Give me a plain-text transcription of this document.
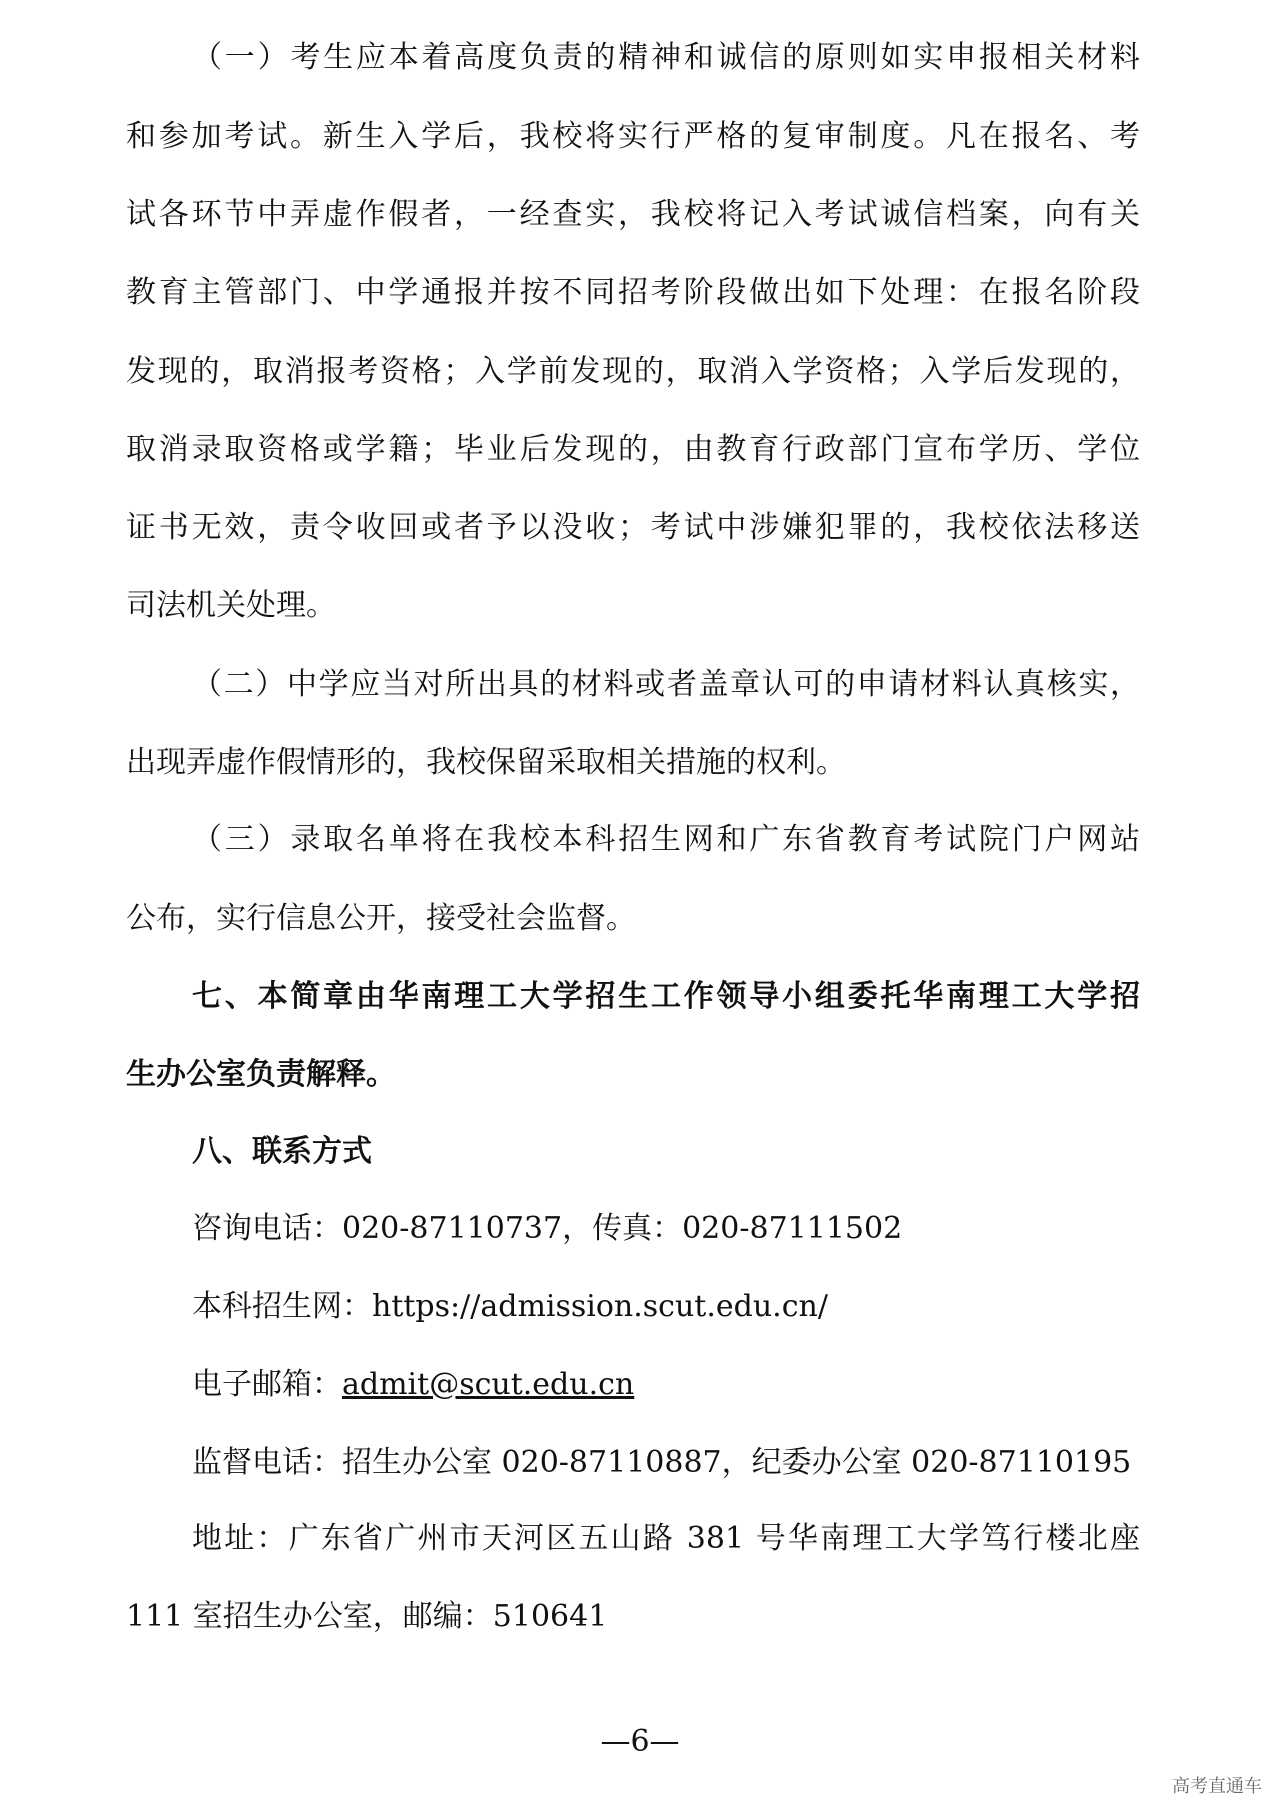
（一）考生应本着高度负责的精神和诚信的原则如实申报相关材料
和参加考试。新生入学后，我校将实行严格的复审制度。凡在报名、考
试各环节中弄虚作假者，一经查实，我校将记入考试诚信档案，向有关
教育主管部门、中学通报并按不同招考阶段做出如下处理：在报名阶段
发现的，取消报考资格；入学前发现的，取消入学资格；入学后发现的，
取消录取资格或学籍；毕业后发现的，由教育行政部门宣布学历、学位
证书无效，责令收回或者予以没收；考试中涉嫌犯罪的，我校依法移送
司法机关处理。
（二）中学应当对所出具的材料或者盖章认可的申请材料认真核实，
出现弄虚作假情形的，我校保留采取相关措施的权利。
（三）录取名单将在我校本科招生网和广东省教育考试院门户网站
公布，实行信息公开，接受社会监督。
七、本简章由华南理工大学招生工作领导小组委托华南理工大学招
生办公室负责解释。
八、联系方式
咨询电话：020-87110737，传真：020-87111502
本科招生网：https://admission.scut.edu.cn/
电子邮箱：admit@scut.edu.cn
监督电话：招生办公室 020-87110887，纪委办公室 020-87110195
地址：广东省广州市天河区五山路 381 号华南理工大学笃行楼北座
111 室招生办公室，邮编：510641
—6—
高考直通车
